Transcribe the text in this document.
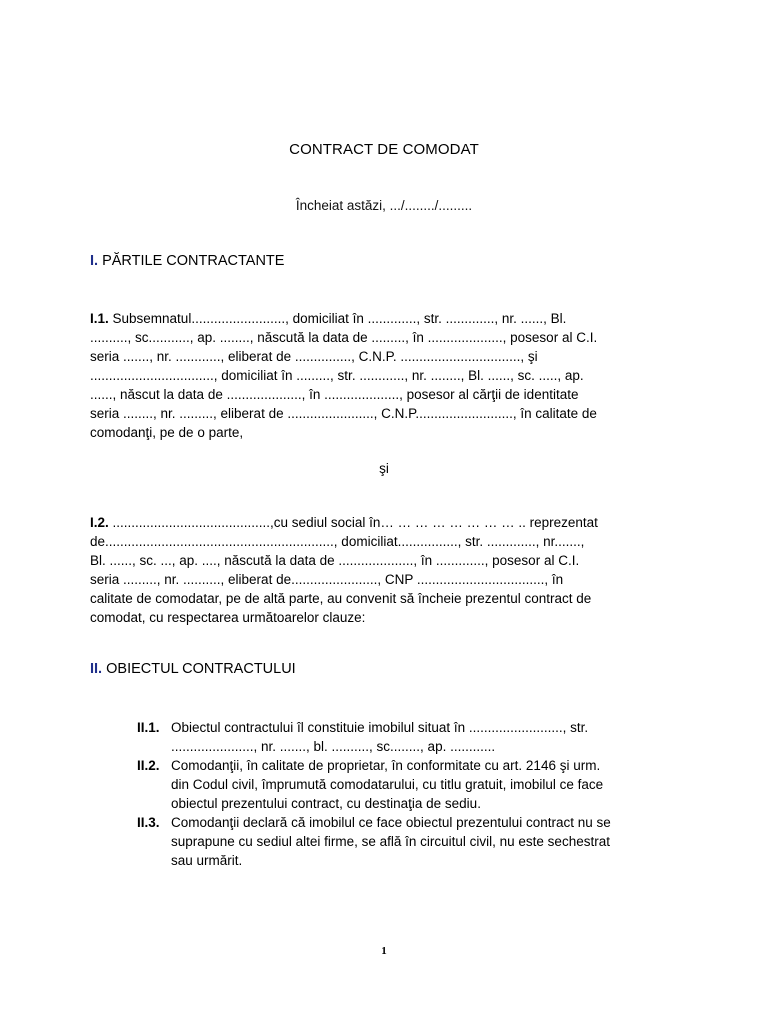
CONTRACT DE COMODAT
Încheiat astăzi, .../......../.........
I. PĂRTILE CONTRACTANTE
I.1. Subsemnatul........................., domiciliat în ............., str. ............., nr. ......, Bl.
.........., sc..........., ap. ........, născută la data de ........., în ...................., posesor al C.I.
seria ......., nr. ............, eliberat de ..............., C.N.P. ................................, şi
................................., domiciliat în ........., str. ............, nr. ........, Bl. ......, sc. ....., ap.
......, născut la data de ...................., în ...................., posesor al cărţii de identitate
seria ........, nr. ........., eliberat de ......................., C.N.P.........................., în calitate de
comodanţi, pe de o parte,
şi
I.2. ..........................................,cu sediul social în… … … … … … … … .. reprezentat
de............................................................., domiciliat................, str. ............., nr.......,
Bl. ......, sc. ..., ap. ...., născută la data de ...................., în ............., posesor al C.I.
seria ........., nr. .........., eliberat de......................., CNP .................................., în
calitate de comodatar, pe de altă parte, au convenit să încheie prezentul contract de
comodat, cu respectarea următoarelor clauze:
II. OBIECTUL CONTRACTULUI
II.1. Obiectul contractului îl constituie imobilul situat în ........................., str.
......................, nr. ......., bl. .........., sc........, ap. ............
II.2. Comodanţii, în calitate de proprietar, în conformitate cu art. 2146 şi urm.
din Codul civil, împrumută comodatarului, cu titlu gratuit, imobilul ce face
obiectul prezentului contract, cu destinaţia de sediu.
II.3. Comodanţii declară că imobilul ce face obiectul prezentului contract nu se
suprapune cu sediul altei firme, se află în circuitul civil, nu este sechestrat
sau urmărit.
1
